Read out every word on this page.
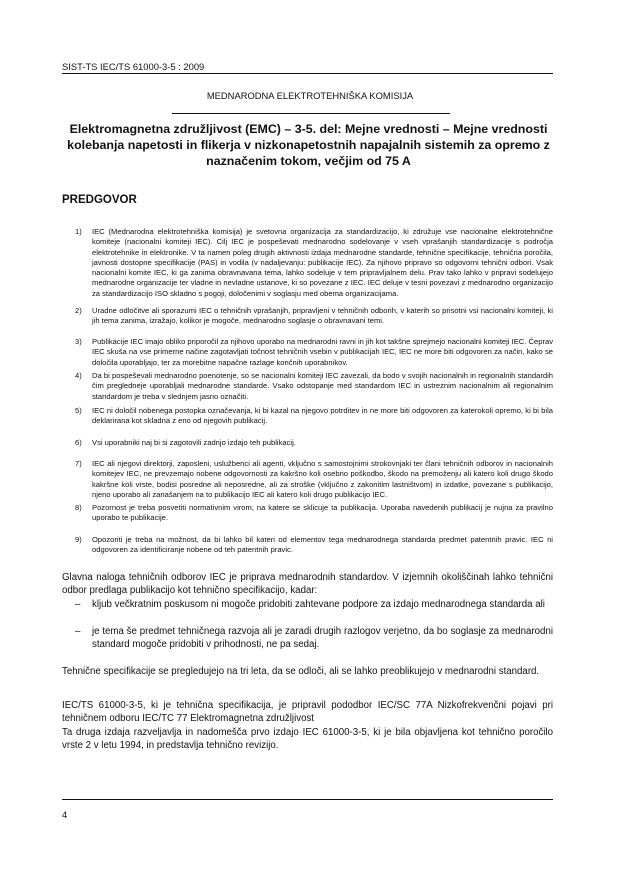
SIST-TS IEC/TS 61000-3-5 : 2009
MEDNARODNA ELEKTROTEHNIŠKA KOMISIJA
Elektromagnetna združljivost (EMC) – 3-5. del: Mejne vrednosti – Mejne vrednosti kolebanja napetosti in flikerja v nizkonapetostnih napajalnih sistemih za opremo z naznačenim tokom, večjim od 75 A
PREDGOVOR
1) IEC (Mednarodna elektrotehniška komisija) je svetovna organizacija za standardizacijo, ki združuje vse nacionalne elektrotehnične komiteje (nacionalni komiteji IEC). Cilj IEC je pospeševati mednarodno sodelovanje v vseh vprašanjih standardizacije s področja elektrotehnike in elektronike. V ta namen poleg drugih aktivnosti izdaja mednarodne standarde, tehnične specifikacije, tehnična poročila, javnosti dostopne specifikacije (PAS) in vodila (v nadaljevanju: publikacije IEC). Za njihovo pripravo so odgovorni tehnični odbori. Vsak nacionalni komite IEC, ki ga zanima obravnavana tema, lahko sodeluje v tem pripravljalnem delu. Prav tako lahko v pripravi sodelujejo mednarodne organizacije ter vladne in nevladne ustanove, ki so povezane z IEC. IEC deluje v tesni povezavi z mednarodno organizacijo za standardizacijo ISO skladno s pogoji, določenimi v soglasju med obema organizacijama.
2) Uradne odločitve ali sporazumi IEC o tehničnih vprašanjih, pripravljeni v tehničnih odborih, v katerih so prisotni vsi nacionalni komiteji, ki jih tema zanima, izražajo, kolikor je mogoče, mednarodno soglasje o obravnavani temi.
3) Publikacije IEC imajo obliko priporočil za njihovo uporabo na mednarodni ravni in jih kot takšne sprejmejo nacionalni komiteji IEC. Čeprav IEC skuša na vse primerne načine zagotavljati točnost tehničnih vsebin v publikacijah IEC, IEC ne more biti odgovoren za način, kako se določila uporabljajo, ter za morebitne napačne razlage končnih uporabnikov.
4) Da bi pospeševali mednarodno poenotenje, so se nacionalni komiteji IEC zavezali, da bodo v svojih nacionalnih in regionalnih standardih čim pregledneje uporabljali mednarodne standarde. Vsako odstopanje med standardom IEC in ustreznim nacionalnim ali regionalnim standardom je treba v slednjem jasno označiti.
5) IEC ni določil nobenega postopka označevanja, ki bi kazal na njegovo potrditev in ne more biti odgovoren za katerokoli opremo, ki bi bila deklarirana kot skladna z eno od njegovih publikacij.
6) Vsi uporabniki naj bi si zagotovili zadnjo izdajo teh publikacij.
7) IEC ali njegovi direktorji, zaposleni, uslužbenci ali agenti, vključno s samostojnimi strokovnjaki ter člani tehničnih odborov in nacionalnih komitejev IEC, ne prevzemajo nobene odgovornosti za kakršno koli osebno poškodbo, škodo na premoženju ali katero koli drugo škodo kakršne koli vrste, bodisi posredne ali neposredne, ali za stroške (vključno z zakonitim lastništvom) in izdatke, povezane s publikacijo, njeno uporabo ali zanašanjem na to publikacijo IEC ali katero koli drugo publikacijo IEC.
8) Pozornost je treba posvetiti normativnim virom, na katere se sklicuje ta publikacija. Uporaba navedenih publikacij je nujna za pravilno uporabo te publikacije.
9) Opozoriti je treba na možnost, da bi lahko bil kateri od elementov tega mednarodnega standarda predmet patentnih pravic. IEC ni odgovoren za identificiranje nobene od teh patentnih pravic.
Glavna naloga tehničnih odborov IEC je priprava mednarodnih standardov. V izjemnih okoliščinah lahko tehnični odbor predlaga publikacijo kot tehnično specifikacijo, kadar:
– kljub večkratnim poskusom ni mogoče pridobiti zahtevane podpore za izdajo mednarodnega standarda ali
– je tema še predmet tehničnega razvoja ali je zaradi drugih razlogov verjetno, da bo soglasje za mednarodni standard mogoče pridobiti v prihodnosti, ne pa sedaj.
Tehnične specifikacije se pregledujejo na tri leta, da se odloči, ali se lahko preoblikujejo v mednarodni standard.
IEC/TS 61000-3-5, ki je tehnična specifikacija, je pripravil pododbor IEC/SC 77A Nizkofrekvenčni pojavi pri tehničnem odboru IEC/TC 77 Elektromagnetna združljivost
Ta druga izdaja razveljavlja in nadomešča prvo izdajo IEC 61000-3-5, ki je bila objavljena kot tehnično poročilo vrste 2 v letu 1994, in predstavlja tehnično revizijo.
4
